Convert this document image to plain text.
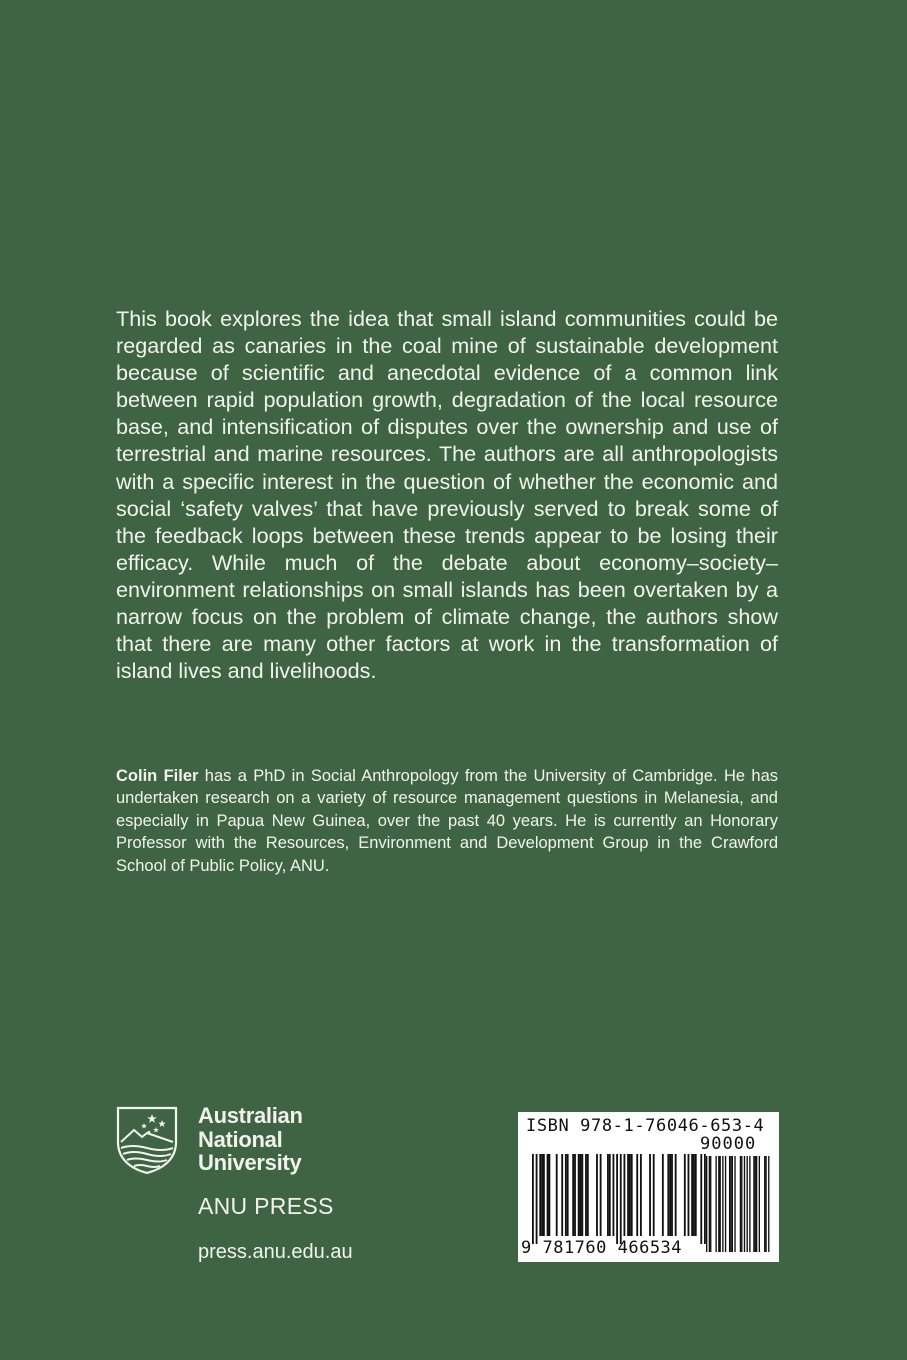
This book explores the idea that small island communities could be regarded as canaries in the coal mine of sustainable development because of scientific and anecdotal evidence of a common link between rapid population growth, degradation of the local resource base, and intensification of disputes over the ownership and use of terrestrial and marine resources. The authors are all anthropologists with a specific interest in the question of whether the economic and social ‘safety valves’ that have previously served to break some of the feedback loops between these trends appear to be losing their efficacy. While much of the debate about economy–society–environment relationships on small islands has been overtaken by a narrow focus on the problem of climate change, the authors show that there are many other factors at work in the transformation of island lives and livelihoods.

Colin Filer has a PhD in Social Anthropology from the University of Cambridge. He has undertaken research on a variety of resource management questions in Melanesia, and especially in Papua New Guinea, over the past 40 years. He is currently an Honorary Professor with the Resources, Environment and Development Group in the Crawford School of Public Policy, ANU.

Australian
National
University
ANU PRESS
press.anu.edu.au
ISBN 978-1-76046-653-4
90000
9 781760 466534
